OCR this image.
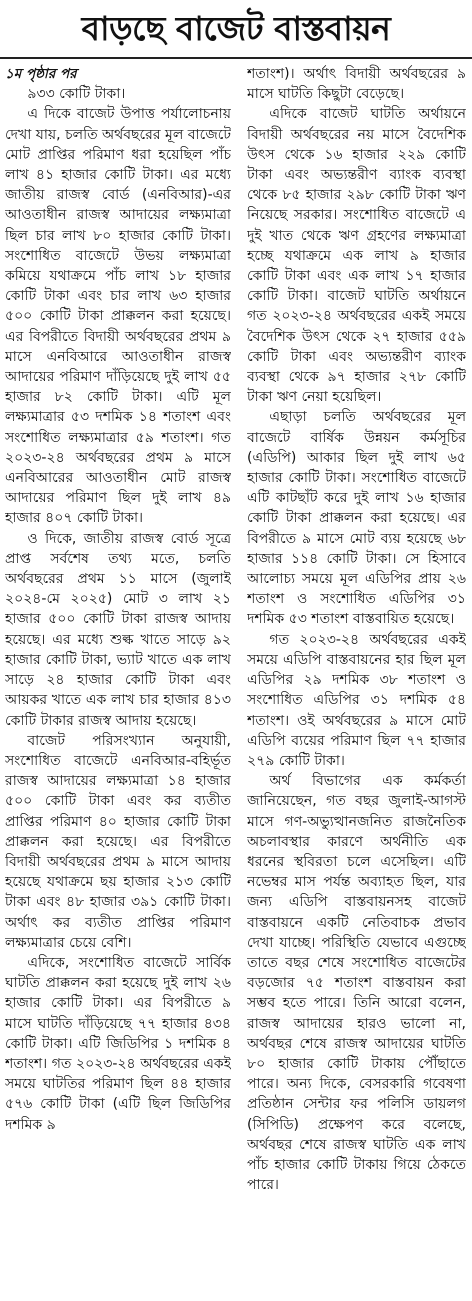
বাড়ছে বাজেট বাস্তবায়ন

১ম পৃষ্ঠার পর

৯৩৩ কোটি টাকা।

এ দিকে বাজেট উপাত্ত পর্যালোচনায় দেখা যায়, চলতি অর্থবছরের মূল বাজেটে মোট প্রাপ্তির পরিমাণ ধরা হয়েছিল পাঁচ লাখ ৪১ হাজার কোটি টাকা। এর মধ্যে জাতীয় রাজস্ব বোর্ড (এনবিআর)-এর আওতাধীন রাজস্ব আদায়ের লক্ষ্যমাত্রা ছিল চার লাখ ৮০ হাজার কোটি টাকা। সংশোধিত বাজেটে উভয় লক্ষ্যমাত্রা কমিয়ে যথাক্রমে পাঁচ লাখ ১৮ হাজার কোটি টাকা এবং চার লাখ ৬৩ হাজার ৫০০ কোটি টাকা প্রাক্কলন করা হয়েছে। এর বিপরীতে বিদায়ী অর্থবছরের প্রথম ৯ মাসে এনবিআরে আওতাধীন রাজস্ব আদায়ের পরিমাণ দাঁড়িয়েছে দুই লাখ ৫৫ হাজার ৮২ কোটি টাকা। এটি মূল লক্ষ্যমাত্রার ৫৩ দশমিক ১৪ শতাংশ এবং সংশোধিত লক্ষ্যমাত্রার ৫৯ শতাংশ। গত ২০২৩-২৪ অর্থবছরের প্রথম ৯ মাসে এনবিআরের আওতাধীন মোট রাজস্ব আদায়ের পরিমাণ ছিল দুই লাখ ৪৯ হাজার ৪০৭ কোটি টাকা।

ও দিকে, জাতীয় রাজস্ব বোর্ড সূত্রে প্রাপ্ত সর্বশেষ তথ্য মতে, চলতি অর্থবছরের প্রথম ১১ মাসে (জুলাই ২০২৪-মে ২০২৫) মোট ৩ লাখ ২১ হাজার ৫০০ কোটি টাকা রাজস্ব আদায় হয়েছে। এর মধ্যে শুল্ক খাতে সাড়ে ৯২ হাজার কোটি টাকা, ভ্যাট খাতে এক লাখ সাড়ে ২৪ হাজার কোটি টাকা এবং আয়কর খাতে এক লাখ চার হাজার ৪১৩ কোটি টাকার রাজস্ব আদায় হয়েছে।

বাজেট পরিসংখ্যান অনুযায়ী, সংশোধিত বাজেটে এনবিআর-বহির্ভূত রাজস্ব আদায়ের লক্ষ্যমাত্রা ১৪ হাজার ৫০০ কোটি টাকা এবং কর ব্যতীত প্রাপ্তির পরিমাণ ৪০ হাজার কোটি টাকা প্রাক্কলন করা হয়েছে। এর বিপরীতে বিদায়ী অর্থবছরের প্রথম ৯ মাসে আদায় হয়েছে যথাক্রমে ছয় হাজার ২১৩ কোটি টাকা এবং ৪৮ হাজার ৩৯১ কোটি টাকা। অর্থাৎ কর ব্যতীত প্রাপ্তির পরিমাণ লক্ষ্যমাত্রার চেয়ে বেশি।

এদিকে, সংশোধিত বাজেটে সার্বিক ঘাটতি প্রাক্কলন করা হয়েছে দুই লাখ ২৬ হাজার কোটি টাকা। এর বিপরীতে ৯ মাসে ঘাটতি দাঁড়িয়েছে ৭৭ হাজার ৪৩৪ কোটি টাকা। এটি জিডিপির ১ দশমিক ৪ শতাংশ। গত ২০২৩-২৪ অর্থবছরের একই সময়ে ঘাটতির পরিমাণ ছিল ৪৪ হাজার ৫৭৬ কোটি টাকা (এটি ছিল জিডিপির দশমিক ৯

শতাংশ)। অর্থাৎ বিদায়ী অর্থবছরের ৯ মাসে ঘাটতি কিছুটা বেড়েছে।

এদিকে বাজেট ঘাটতি অর্থায়নে বিদায়ী অর্থবছরের নয় মাসে বৈদেশিক উৎস থেকে ১৬ হাজার ২২৯ কোটি টাকা এবং অভ্যন্তরীণ ব্যাংক ব্যবস্থা থেকে ৮৫ হাজার ২৯৮ কোটি টাকা ঋণ নিয়েছে সরকার। সংশোধিত বাজেটে এ দুই খাত থেকে ঋণ গ্রহণের লক্ষ্যমাত্রা হচ্ছে যথাক্রমে এক লাখ ৯ হাজার কোটি টাকা এবং এক লাখ ১৭ হাজার কোটি টাকা। বাজেট ঘাটতি অর্থায়নে গত ২০২৩-২৪ অর্থবছরের একই সময়ে বৈদেশিক উৎস থেকে ২৭ হাজার ৫৫৯ কোটি টাকা এবং অভ্যন্তরীণ ব্যাংক ব্যবস্থা থেকে ৯৭ হাজার ২৭৮ কোটি টাকা ঋণ নেয়া হয়েছিল।

এছাড়া চলতি অর্থবছরের মূল বাজেটে বার্ষিক উন্নয়ন কর্মসূচির (এডিপি) আকার ছিল দুই লাখ ৬৫ হাজার কোটি টাকা। সংশোধিত বাজেটে এটি কাটছাঁট করে দুই লাখ ১৬ হাজার কোটি টাকা প্রাক্কলন করা হয়েছে। এর বিপরীতে ৯ মাসে মোট ব্যয় হয়েছে ৬৮ হাজার ১১৪ কোটি টাকা। সে হিসাবে আলোচ্য সময়ে মূল এডিপির প্রায় ২৬ শতাংশ ও সংশোধিত এডিপির ৩১ দশমিক ৫৩ শতাংশ বাস্তবায়িত হয়েছে।

গত ২০২৩-২৪ অর্থবছরের একই সময়ে এডিপি বাস্তবায়নের হার ছিল মূল এডিপির ২৯ দশমিক ৩৮ শতাংশ ও সংশোধিত এডিপির ৩১ দশমিক ৫৪ শতাংশ। ওই অর্থবছরের ৯ মাসে মোট এডিপি ব্যয়ের পরিমাণ ছিল ৭৭ হাজার ২৭৯ কোটি টাকা।

অর্থ বিভাগের এক কর্মকর্তা জানিয়েছেন, গত বছর জুলাই-আগস্ট মাসে গণ-অভ্যুত্থানজনিত রাজনৈতিক অচলাবস্থার কারণে অর্থনীতি এক ধরনের স্থবিরতা চলে এসেছিল। এটি নভেম্বর মাস পর্যন্ত অব্যাহত ছিল, যার জন্য এডিপি বাস্তবায়নসহ বাজেট বাস্তবায়নে একটি নেতিবাচক প্রভাব দেখা যাচ্ছে। পরিস্থিতি যেভাবে এগুচ্ছে তাতে বছর শেষে সংশোধিত বাজেটের বড়জোর ৭৫ শতাংশ বাস্তবায়ন করা সম্ভব হতে পারে। তিনি আরো বলেন, রাজস্ব আদায়ের হারও ভালো না, অর্থবছর শেষে রাজস্ব আদায়ের ঘাটতি ৮০ হাজার কোটি টাকায় পৌঁছাতে পারে। অন্য দিকে, বেসরকারি গবেষণা প্রতিষ্ঠান সেন্টার ফর পলিসি ডায়লগ (সিপিডি) প্রক্ষেপণ করে বলেছে, অর্থবছর শেষে রাজস্ব ঘাটতি এক লাখ পাঁচ হাজার কোটি টাকায় গিয়ে ঠেকতে পারে।
